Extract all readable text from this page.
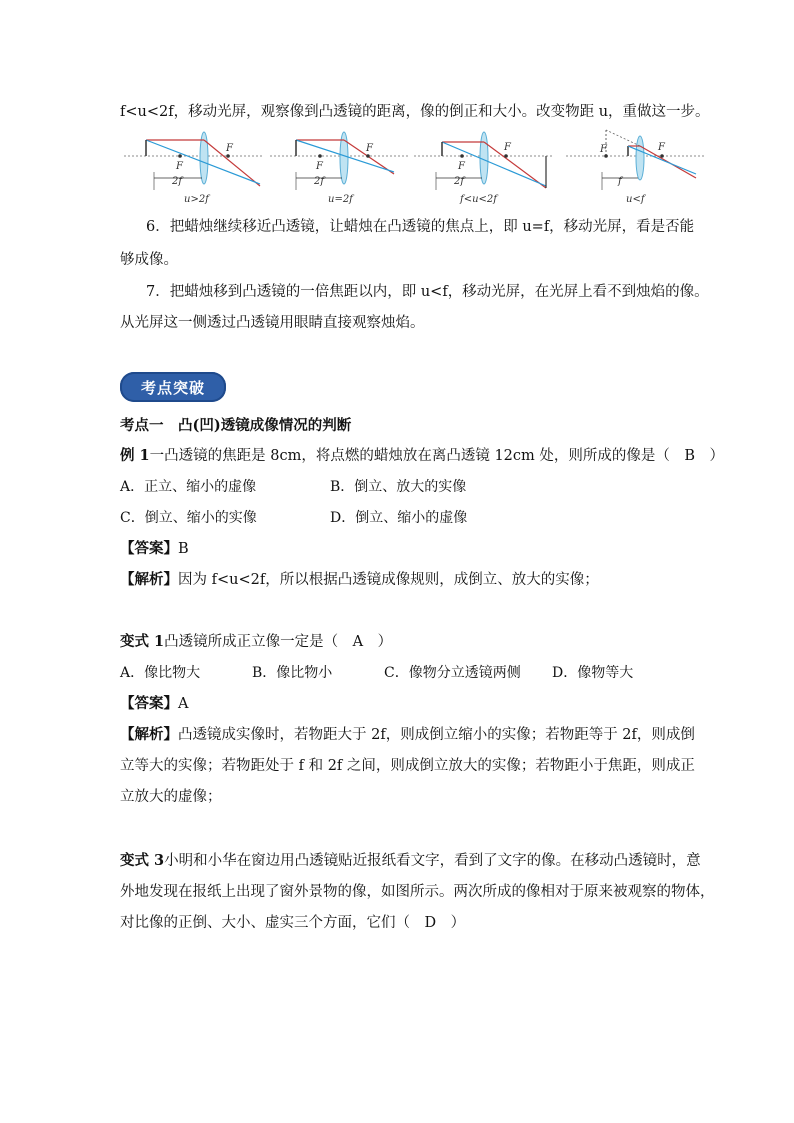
f<u<2f，移动光屏，观察像到凸透镜的距离，像的倒正和大小。改变物距 u，重做这一步。
F
F
2f
u>2f
F
F
2f
u=2f
F
F
2f
f<u<2f
F	F
f
u<f
6．把蜡烛继续移近凸透镜，让蜡烛在凸透镜的焦点上，即 u=f，移动光屏，看是否能
够成像。
7．把蜡烛移到凸透镜的一倍焦距以内，即 u<f，移动光屏，在光屏上看不到烛焰的像。
从光屏这一侧透过凸透镜用眼睛直接观察烛焰。
考点突破
考点一　凸(凹)透镜成像情况的判断
例 1一凸透镜的焦距是 8cm，将点燃的蜡烛放在离凸透镜 12cm 处，则所成的像是（　B　）
A．正立、缩小的虚像	B．倒立、放大的实像
C．倒立、缩小的实像	D．倒立、缩小的虚像
【答案】B
【解析】因为 f<u<2f，所以根据凸透镜成像规则，成倒立、放大的实像；
变式 1凸透镜所成正立像一定是（　A　）
A．像比物大	B．像比物小	C．像物分立透镜两侧 D．像物等大
【答案】A
【解析】凸透镜成实像时，若物距大于 2f，则成倒立缩小的实像；若物距等于 2f，则成倒
立等大的实像；若物距处于 f 和 2f 之间，则成倒立放大的实像；若物距小于焦距，则成正
立放大的虚像；
变式 3小明和小华在窗边用凸透镜贴近报纸看文字，看到了文字的像。在移动凸透镜时，意
外地发现在报纸上出现了窗外景物的像，如图所示。两次所成的像相对于原来被观察的物体，
对比像的正倒、大小、虚实三个方面，它们（　D　）
